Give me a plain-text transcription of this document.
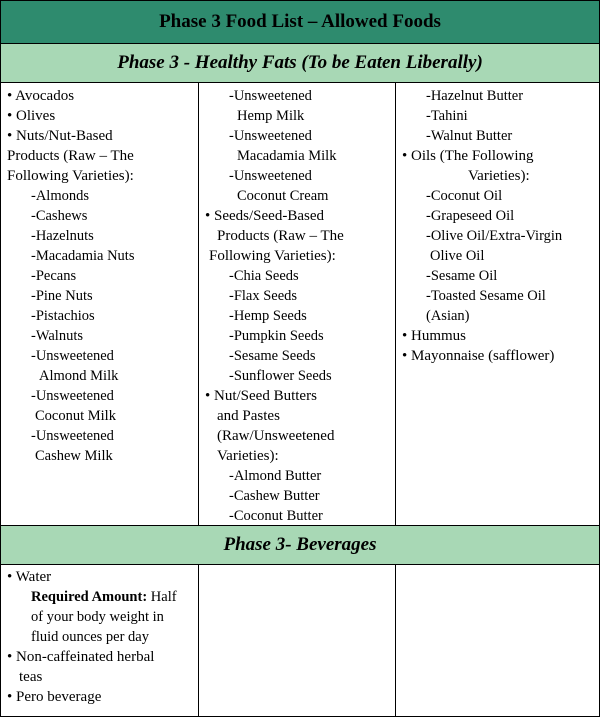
Phase 3 Food List – Allowed Foods
Phase 3 - Healthy Fats (To be Eaten Liberally)
• Avocados
• Olives
• Nuts/Nut-Based
Products (Raw – The
Following Varieties):
-Almonds
-Cashews
-Hazelnuts
-Macadamia Nuts
-Pecans
-Pine Nuts
-Pistachios
-Walnuts
-Unsweetened
Almond Milk
-Unsweetened
Coconut Milk
-Unsweetened
Cashew Milk
-Unsweetened
Hemp Milk
-Unsweetened
Macadamia Milk
-Unsweetened
Coconut Cream
• Seeds/Seed-Based
Products (Raw – The
Following Varieties):
-Chia Seeds
-Flax Seeds
-Hemp Seeds
-Pumpkin Seeds
-Sesame Seeds
-Sunflower Seeds
• Nut/Seed Butters
and Pastes
(Raw/Unsweetened
Varieties):
-Almond Butter
-Cashew Butter
-Coconut Butter
-Hazelnut Butter
-Tahini
-Walnut Butter
• Oils (The Following
Varieties):
-Coconut Oil
-Grapeseed Oil
-Olive Oil/Extra-Virgin
Olive Oil
-Sesame Oil
-Toasted Sesame Oil
(Asian)
• Hummus
• Mayonnaise (safflower)
Phase 3- Beverages
• Water
Required Amount: Half
of your body weight in
fluid ounces per day
• Non-caffeinated herbal
teas
• Pero beverage
